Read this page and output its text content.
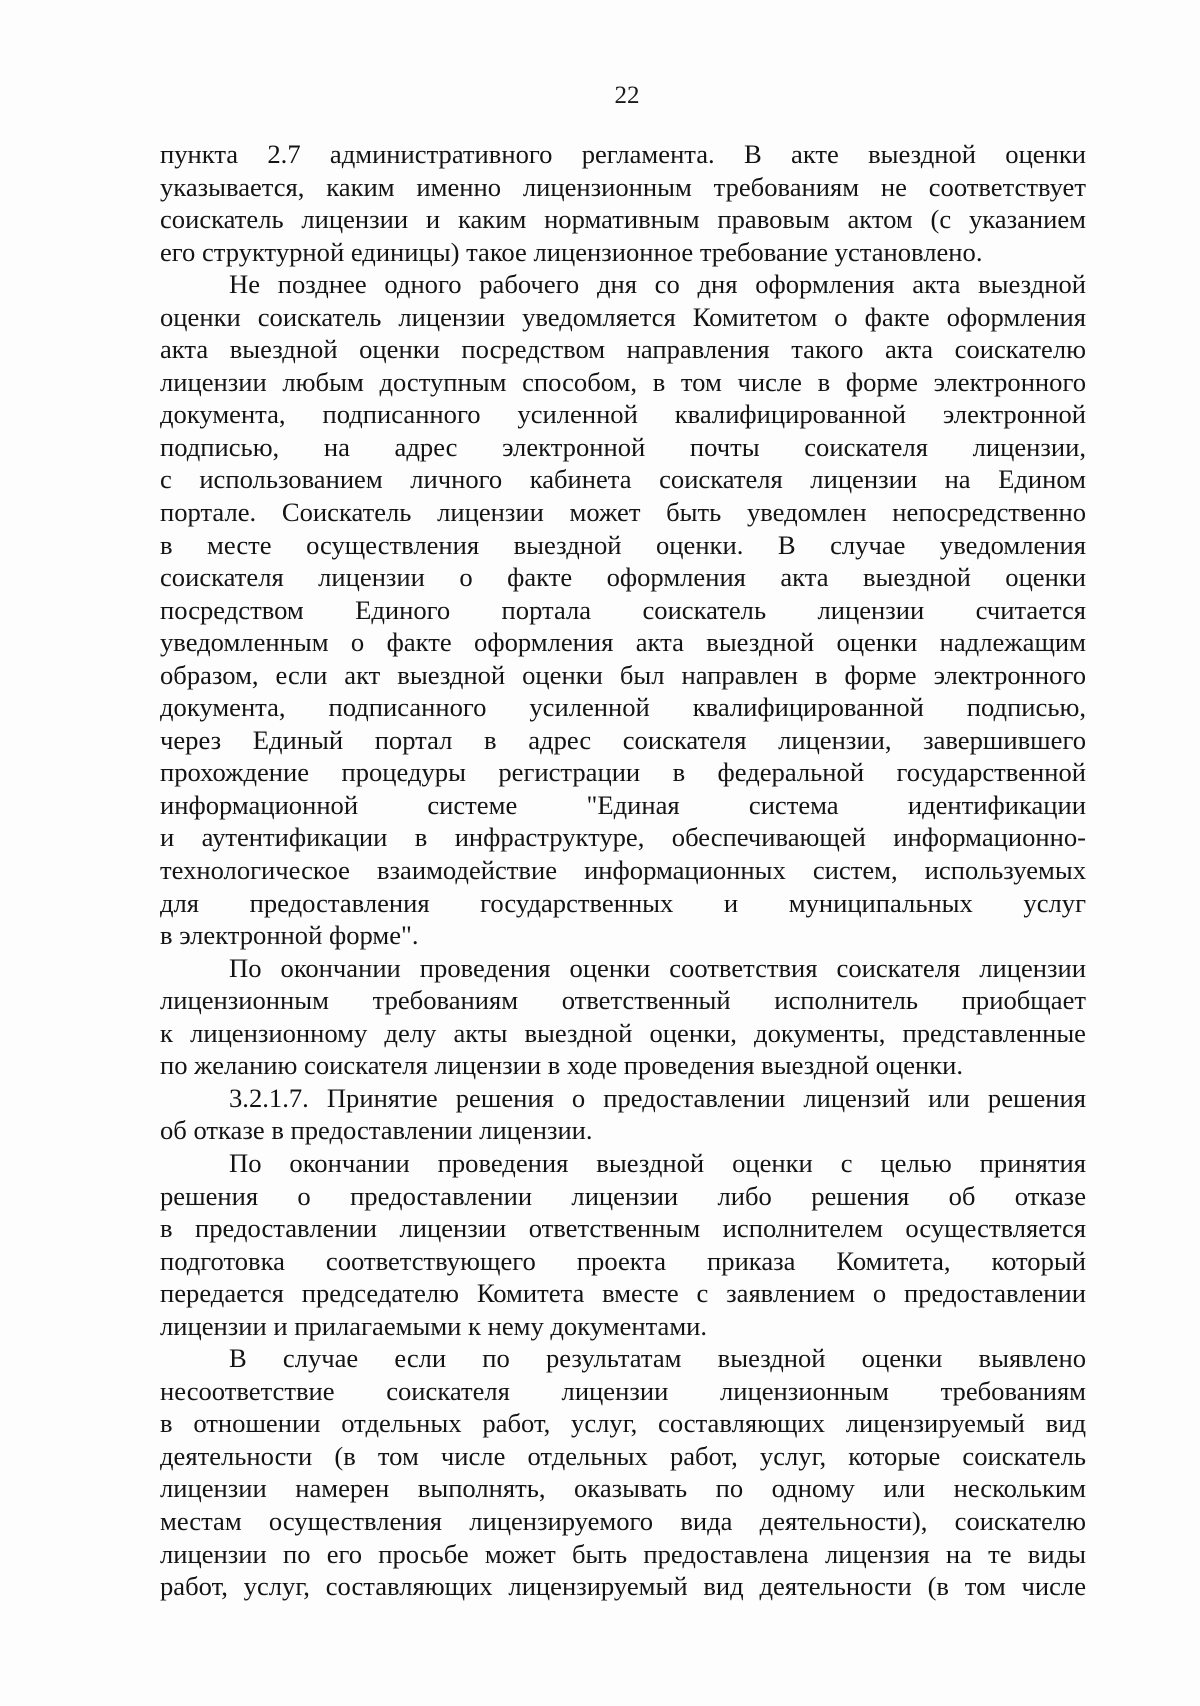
22
пункта 2.7 административного регламента. В акте выездной оценки
указывается, каким именно лицензионным требованиям не соответствует
соискатель лицензии и каким нормативным правовым актом (с указанием
его структурной единицы) такое лицензионное требование установлено.
Не позднее одного рабочего дня со дня оформления акта выездной
оценки соискатель лицензии уведомляется Комитетом о факте оформления
акта выездной оценки посредством направления такого акта соискателю
лицензии любым доступным способом, в том числе в форме электронного
документа, подписанного усиленной квалифицированной электронной
подписью, на адрес электронной почты соискателя лицензии,
с использованием личного кабинета соискателя лицензии на Едином
портале. Соискатель лицензии может быть уведомлен непосредственно
в месте осуществления выездной оценки. В случае уведомления
соискателя лицензии о факте оформления акта выездной оценки
посредством Единого портала соискатель лицензии считается
уведомленным о факте оформления акта выездной оценки надлежащим
образом, если акт выездной оценки был направлен в форме электронного
документа, подписанного усиленной квалифицированной подписью,
через Единый портал в адрес соискателя лицензии, завершившего
прохождение процедуры регистрации в федеральной государственной
информационной системе "Единая система идентификации
и аутентификации в инфраструктуре, обеспечивающей информационно-
технологическое взаимодействие информационных систем, используемых
для предоставления государственных и муниципальных услуг
в электронной форме".
По окончании проведения оценки соответствия соискателя лицензии
лицензионным требованиям ответственный исполнитель приобщает
к лицензионному делу акты выездной оценки, документы, представленные
по желанию соискателя лицензии в ходе проведения выездной оценки.
3.2.1.7. Принятие решения о предоставлении лицензий или решения
об отказе в предоставлении лицензии.
По окончании проведения выездной оценки с целью принятия
решения о предоставлении лицензии либо решения об отказе
в предоставлении лицензии ответственным исполнителем осуществляется
подготовка соответствующего проекта приказа Комитета, который
передается председателю Комитета вместе с заявлением о предоставлении
лицензии и прилагаемыми к нему документами.
В случае если по результатам выездной оценки выявлено
несоответствие соискателя лицензии лицензионным требованиям
в отношении отдельных работ, услуг, составляющих лицензируемый вид
деятельности (в том числе отдельных работ, услуг, которые соискатель
лицензии намерен выполнять, оказывать по одному или нескольким
местам осуществления лицензируемого вида деятельности), соискателю
лицензии по его просьбе может быть предоставлена лицензия на те виды
работ, услуг, составляющих лицензируемый вид деятельности (в том числе
